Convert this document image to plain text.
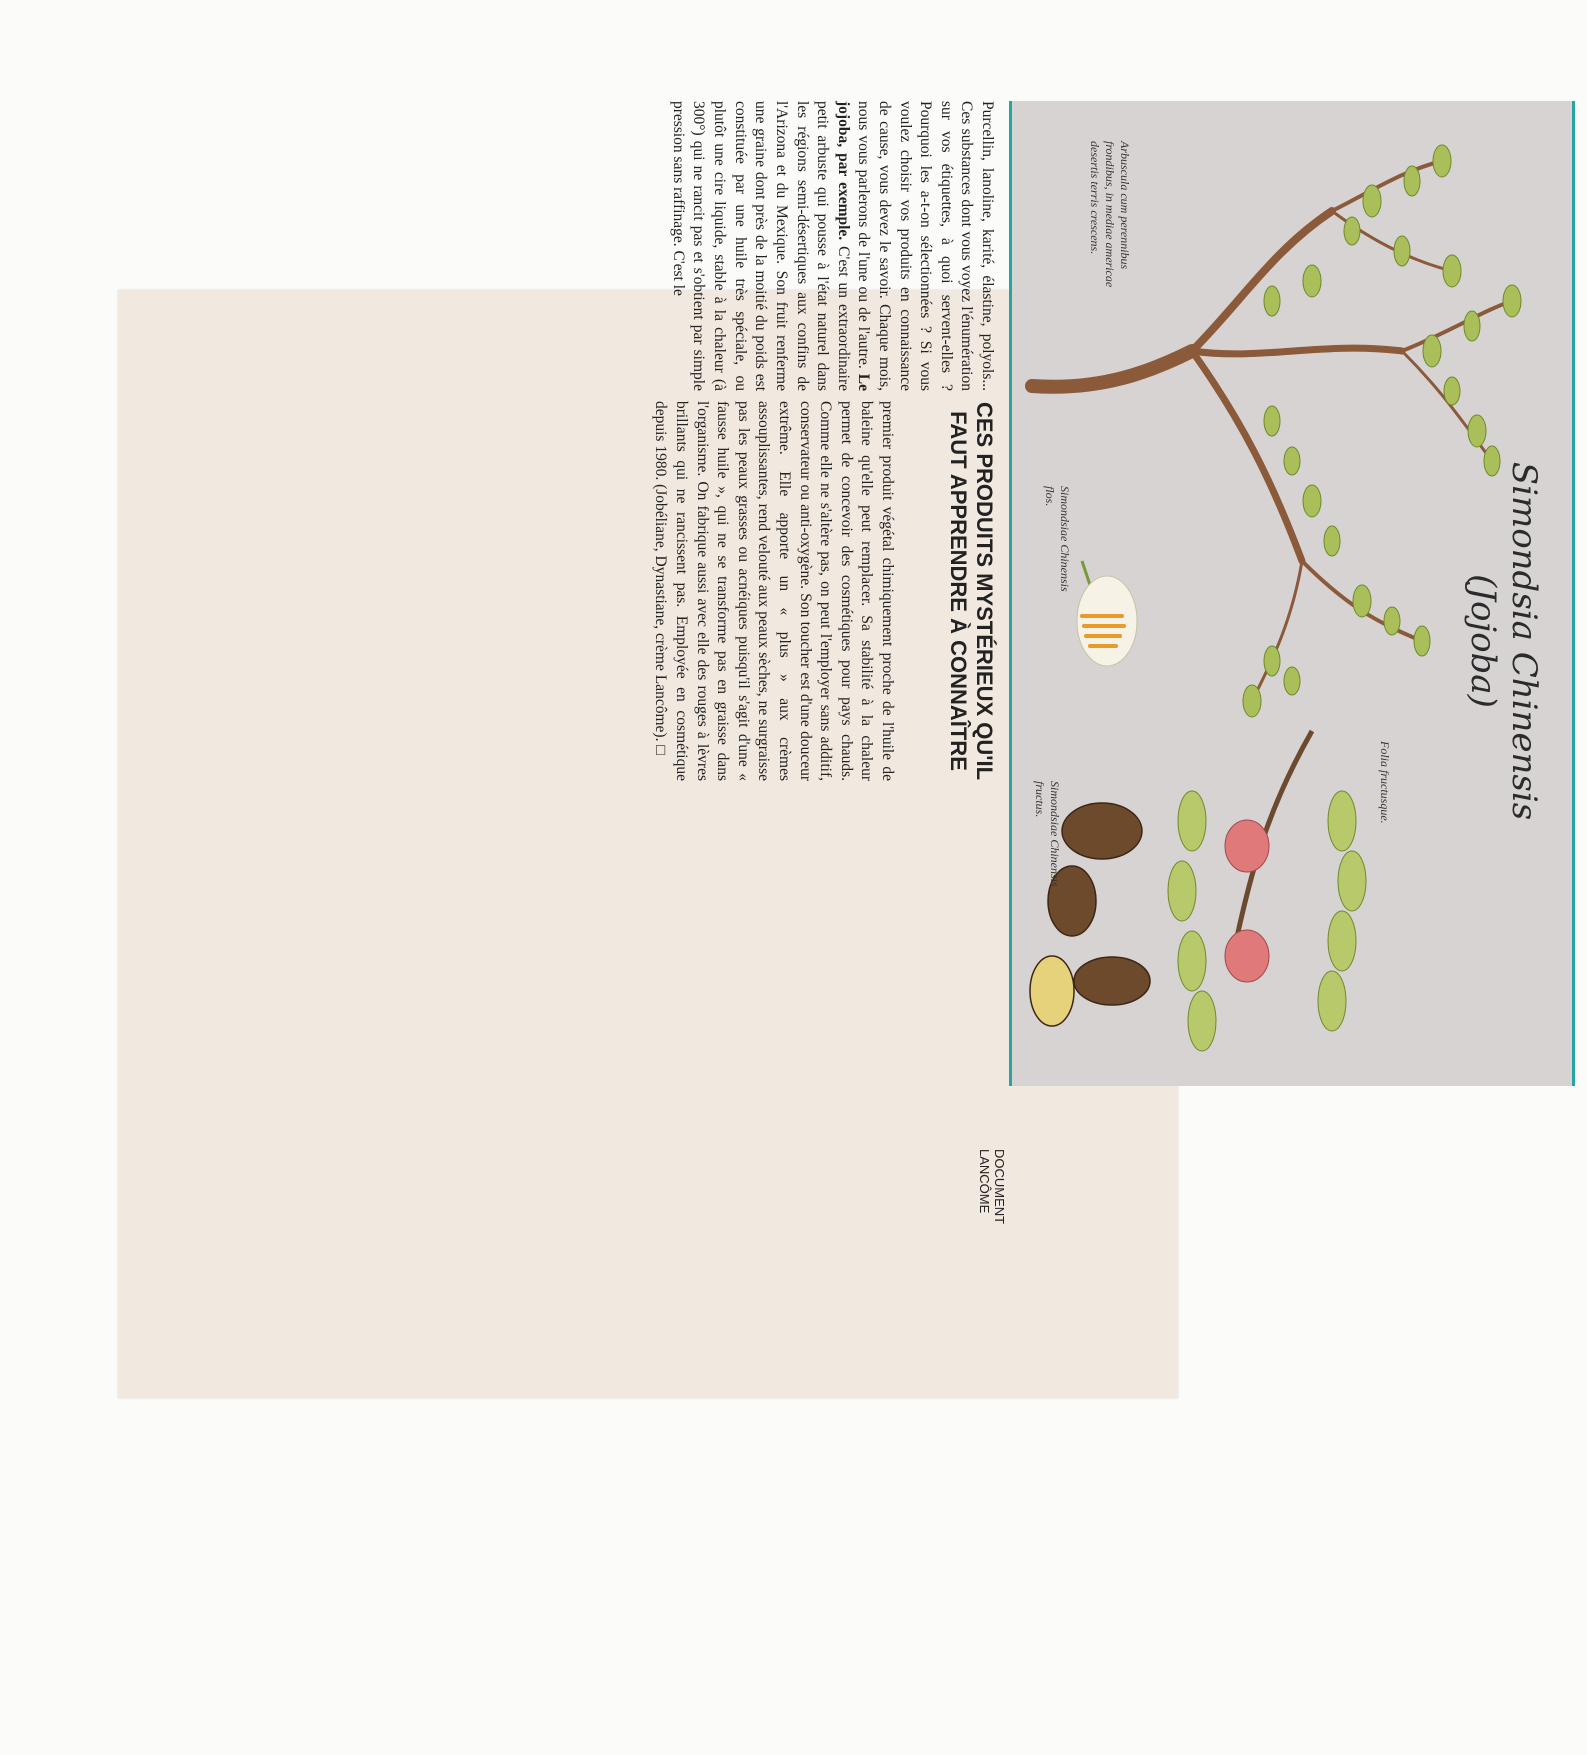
Simondsia Chinensis
(Jojoba)
Arbuscula cum perennibus frondibus, in mediae americae desertis terris crescens.
Simondsiae Chinensis flos.
Folia fructusque.
Simondsiae Chinensis fructus.
CES PRODUITS MYSTÉRIEUX QU'IL FAUT APPRENDRE À CONNAÎTRE
Purcellin, lanoline, karité, élastine, polyols... Ces substances dont vous voyez l'énumération sur vos étiquettes, à quoi servent-elles ? Pourquoi les a-t-on sélectionnées ? Si vous voulez choisir vos produits en connaissance de cause, vous devez le savoir. Chaque mois, nous vous parlerons de l'une ou de l'autre. Le jojoba, par exemple. C'est un extraordinaire petit arbuste qui pousse à l'état naturel dans les régions semi-désertiques aux confins de l'Arizona et du Mexique. Son fruit renferme une graine dont près de la moitié du poids est constituée par une huile très spéciale, ou plutôt une cire liquide, stable à la chaleur (à 300°) qui ne rancit pas et s'obtient par simple pression sans raffinage. C'est le
premier produit végétal chimiquement proche de l'huile de baleine qu'elle peut remplacer. Sa stabilité à la chaleur permet de concevoir des cosmétiques pour pays chauds. Comme elle ne s'altère pas, on peut l'employer sans additif, conservateur ou anti-oxygène. Son toucher est d'une douceur extrême. Elle apporte un « plus » aux crèmes assouplissantes, rend velouté aux peaux sèches, ne surgraisse pas les peaux grasses ou acnéiques puisqu'il s'agit d'une « fausse huile », qui ne se transforme pas en graisse dans l'organisme. On fabrique aussi avec elle des rouges à lèvres brillants qui ne rancissent pas. Employée en cosmétique depuis 1980. (Jobéliane, Dynastiane, crème Lancôme). □
DOCUMENT LANCÔME
